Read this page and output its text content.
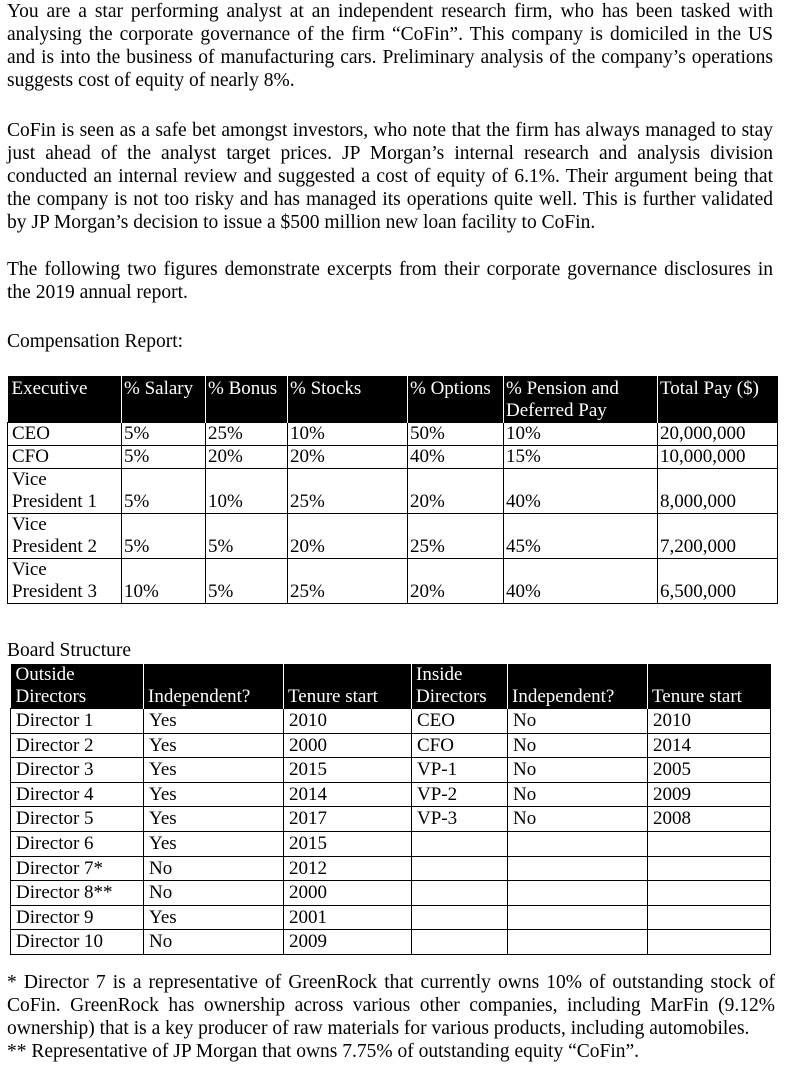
You are a star performing analyst at an independent research firm, who has been tasked with analysing the corporate governance of the firm “CoFin”. This company is domiciled in the US and is into the business of manufacturing cars. Preliminary analysis of the company’s operations suggests cost of equity of nearly 8%.

CoFin is seen as a safe bet amongst investors, who note that the firm has always managed to stay just ahead of the analyst target prices. JP Morgan’s internal research and analysis division conducted an internal review and suggested a cost of equity of 6.1%. Their argument being that the company is not too risky and has managed its operations quite well. This is further validated by JP Morgan’s decision to issue a $500 million new loan facility to CoFin.

The following two figures demonstrate excerpts from their corporate governance disclosures in the 2019 annual report.

Compensation Report:

Executive	% Salary	% Bonus	% Stocks	% Options	% Pension and Deferred Pay	Total Pay ($)
CEO	5%	25%	10%	50%	10%	20,000,000
CFO	5%	20%	20%	40%	15%	10,000,000
Vice President 1	5%	10%	25%	20%	40%	8,000,000
Vice President 2	5%	5%	20%	25%	45%	7,200,000
Vice President 3	10%	5%	25%	20%	40%	6,500,000

Board Structure

Outside Directors	Independent?	Tenure start	Inside Directors	Independent?	Tenure start
Director 1	Yes	2010	CEO	No	2010
Director 2	Yes	2000	CFO	No	2014
Director 3	Yes	2015	VP-1	No	2005
Director 4	Yes	2014	VP-2	No	2009
Director 5	Yes	2017	VP-3	No	2008
Director 6	Yes	2015			
Director 7*	No	2012			
Director 8**	No	2000			
Director 9	Yes	2001			
Director 10	No	2009			

* Director 7 is a representative of GreenRock that currently owns 10% of outstanding stock of CoFin. GreenRock has ownership across various other companies, including MarFin (9.12% ownership) that is a key producer of raw materials for various products, including automobiles.

** Representative of JP Morgan that owns 7.75% of outstanding equity “CoFin”.
